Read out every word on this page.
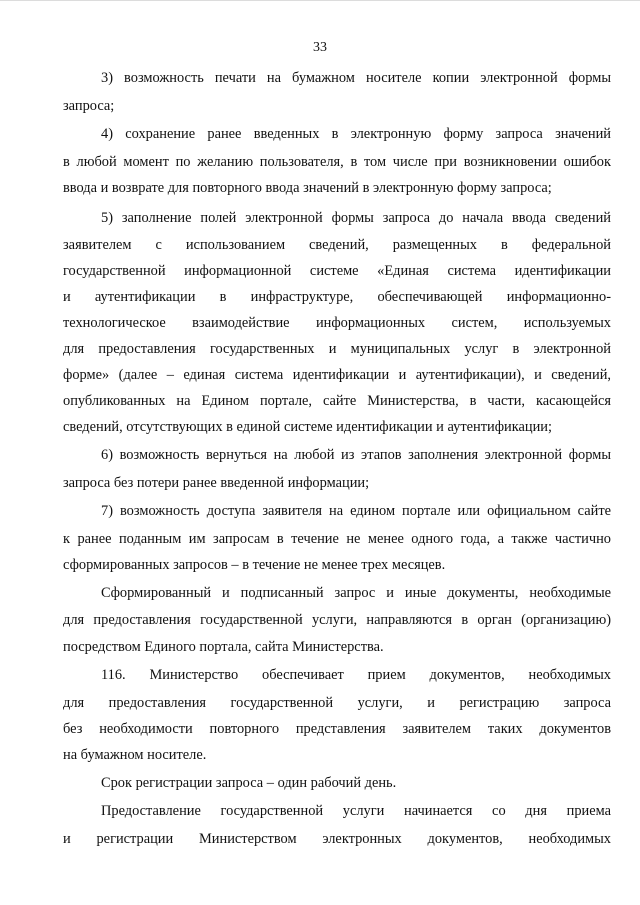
33
3) возможность печати на бумажном носителе копии электронной формы
запроса;
4) сохранение ранее введенных в электронную форму запроса значений
в любой момент по желанию пользователя, в том числе при возникновении ошибок
ввода и возврате для повторного ввода значений в электронную форму запроса;
5) заполнение полей электронной формы запроса до начала ввода сведений
заявителем с использованием сведений, размещенных в федеральной
государственной информационной системе «Единая система идентификации
и аутентификации в инфраструктуре, обеспечивающей информационно-
технологическое взаимодействие информационных систем, используемых
для предоставления государственных и муниципальных услуг в электронной
форме» (далее – единая система идентификации и аутентификации), и сведений,
опубликованных на Едином портале, сайте Министерства, в части, касающейся
сведений, отсутствующих в единой системе идентификации и аутентификации;
6) возможность вернуться на любой из этапов заполнения электронной формы
запроса без потери ранее введенной информации;
7) возможность доступа заявителя на едином портале или официальном сайте
к ранее поданным им запросам в течение не менее одного года, а также частично
сформированных запросов – в течение не менее трех месяцев.
Сформированный и подписанный запрос и иные документы, необходимые
для предоставления государственной услуги, направляются в орган (организацию)
посредством Единого портала, сайта Министерства.
116. Министерство обеспечивает прием документов, необходимых
для предоставления государственной услуги, и регистрацию запроса
без необходимости повторного представления заявителем таких документов
на бумажном носителе.
Срок регистрации запроса – один рабочий день.
Предоставление государственной услуги начинается со дня приема
и регистрации Министерством электронных документов, необходимых
